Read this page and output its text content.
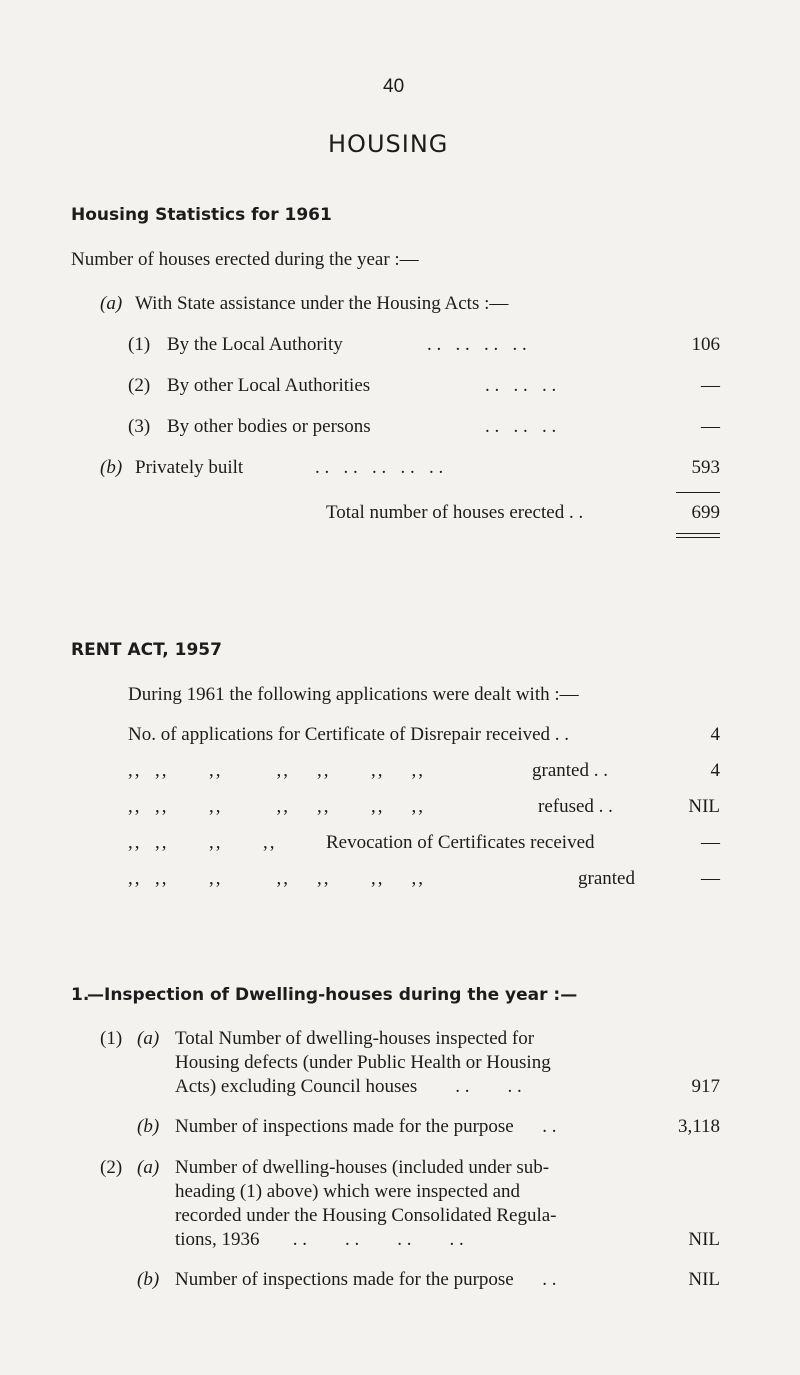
40
HOUSING
Housing Statistics for 1961
Number of houses erected during the year :—
(a) With State assistance under the Housing Acts :—
(1) By the Local Authority	. .   . .   . .   . .	106
(2) By other Local Authorities	. .   . .   . .	—
(3) By other bodies or persons	. .   . .   . .	—
(b) Privately built	. .   . .   . .   . .   . .	593
Total number of houses erected . .	699
RENT ACT, 1957
During 1961 the following applications were dealt with :—
No. of applications for Certificate of Disrepair received . .	4
,,  ,,      ,,        ,,    ,,      ,,    ,,	granted . .	4
,,  ,,      ,,        ,,    ,,      ,,    ,,	refused . .	NIL
,,  ,,      ,,      ,,	Revocation of Certificates received	—
,,  ,,      ,,        ,,    ,,      ,,    ,,	granted	—
1.
—Inspection of Dwelling-houses during the year :—
(1) (a) Total Number of dwelling-houses inspected for
Housing defects (under Public Health or Housing
Acts) excluding Council houses        . .        . .	917
(b) Number of inspections made for the purpose      . .	3,118
(2) (a) Number of dwelling-houses (included under sub-
heading (1) above) which were inspected and
recorded under the Housing Consolidated Regula-
tions, 1936       . .        . .        . .        . .	NIL
(b) Number of inspections made for the purpose      . .	NIL
